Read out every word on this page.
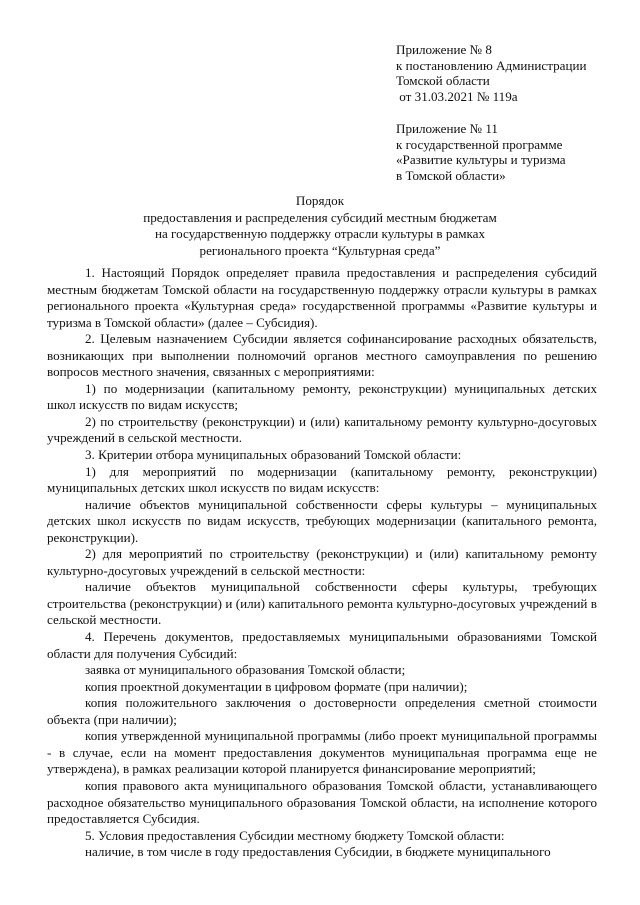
Приложение № 8
к постановлению Администрации
Томской области
от 31.03.2021 № 119а
Приложение № 11
к государственной программе
«Развитие культуры и туризма
в Томской области»
Порядок
предоставления и распределения субсидий местным бюджетам
на государственную поддержку отрасли культуры в рамках
регионального проекта “Культурная среда”

1. Настоящий Порядок определяет правила предоставления и распределения субсидий местным бюджетам Томской области на государственную поддержку отрасли культуры в рамках регионального проекта «Культурная среда» государственной программы «Развитие культуры и туризма в Томской области» (далее – Субсидия).

2. Целевым назначением Субсидии является софинансирование расходных обязательств, возникающих при выполнении полномочий органов местного самоуправления по решению вопросов местного значения, связанных с мероприятиями:

1) по модернизации (капитальному ремонту, реконструкции) муниципальных детских школ искусств по видам искусств;

2) по строительству (реконструкции) и (или) капитальному ремонту культурно-досуговых учреждений в сельской местности.

3. Критерии отбора муниципальных образований Томской области:

1) для мероприятий по модернизации (капитальному ремонту, реконструкции) муниципальных детских школ искусств по видам искусств:

наличие объектов муниципальной собственности сферы культуры – муниципальных детских школ искусств по видам искусств, требующих модернизации (капитального ремонта, реконструкции).

2) для мероприятий по строительству (реконструкции) и (или) капитальному ремонту культурно-досуговых учреждений в сельской местности:

наличие объектов муниципальной собственности сферы культуры, требующих строительства (реконструкции) и (или) капитального ремонта культурно-досуговых учреждений в сельской местности.

4. Перечень документов, предоставляемых муниципальными образованиями Томской области для получения Субсидий:

заявка от муниципального образования Томской области;

копия проектной документации в цифровом формате (при наличии);

копия положительного заключения о достоверности определения сметной стоимости объекта (при наличии);

копия утвержденной муниципальной программы (либо проект муниципальной программы - в случае, если на момент предоставления документов муниципальная программа еще не утверждена), в рамках реализации которой планируется финансирование мероприятий;

копия правового акта муниципального образования Томской области, устанавливающего расходное обязательство муниципального образования Томской области, на исполнение которого предоставляется Субсидия.

5. Условия предоставления Субсидии местному бюджету Томской области:

наличие, в том числе в году предоставления Субсидии, в бюджете муниципального
